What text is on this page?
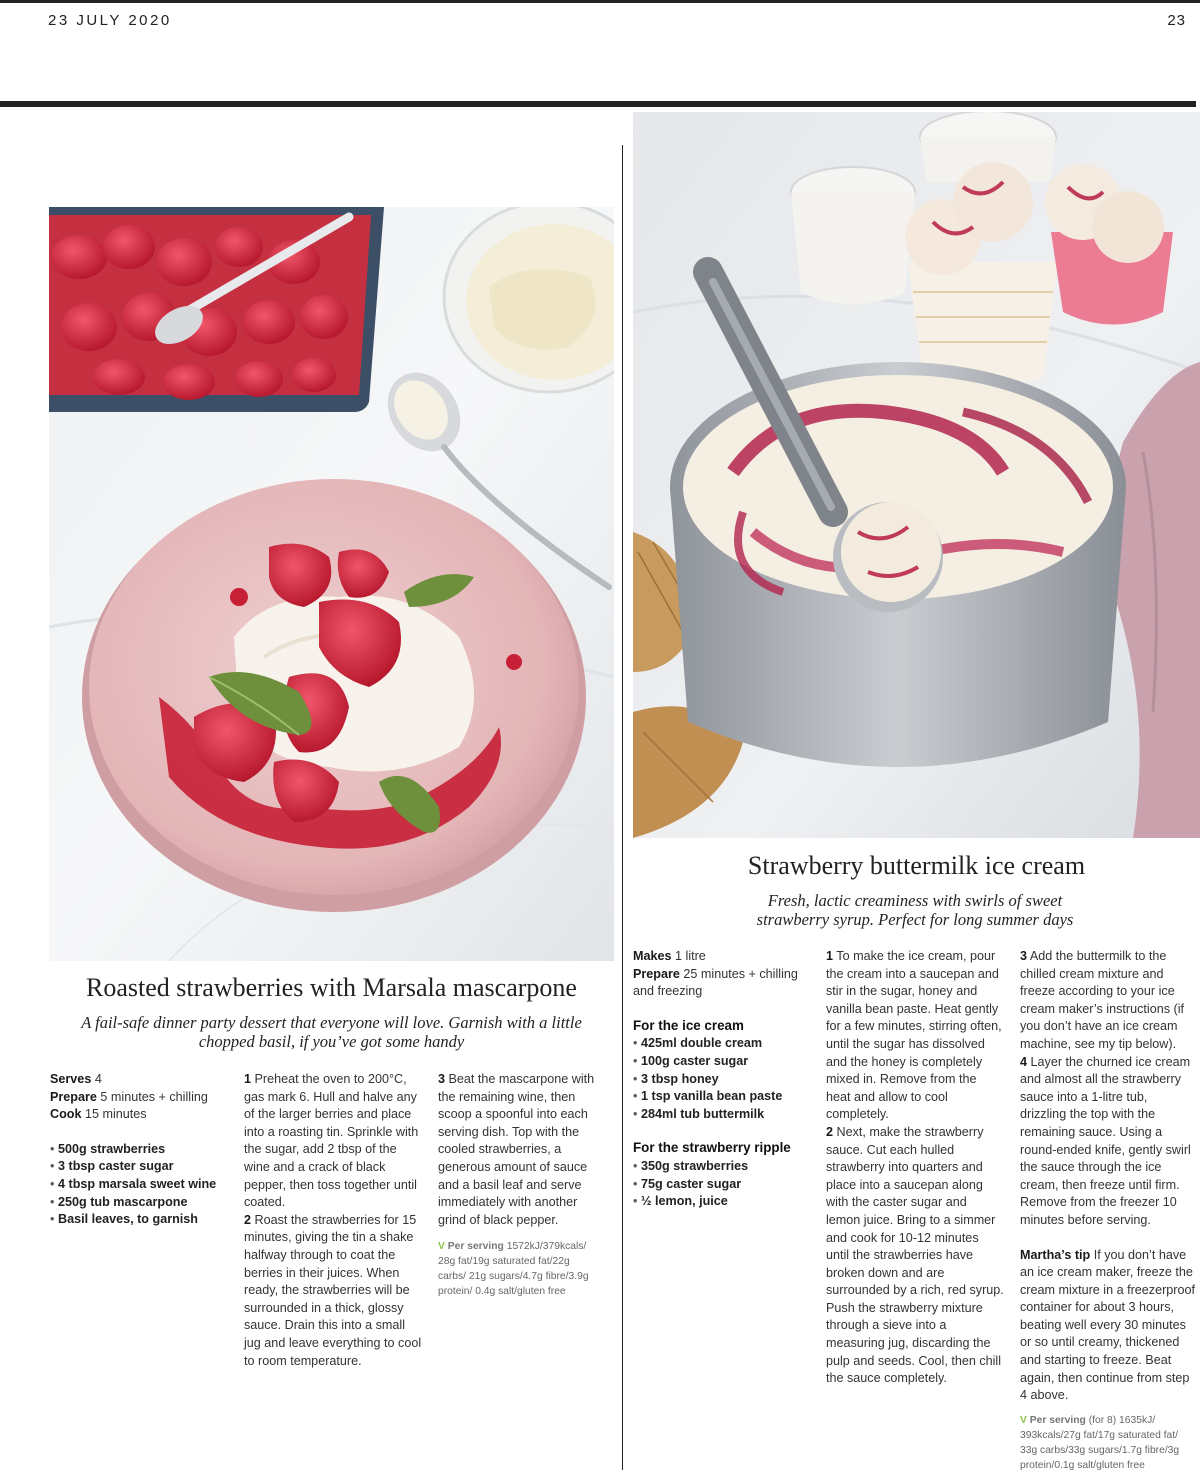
23 JULY 2020	23
Roasted strawberries with Marsala mascarpone
A fail-safe dinner party dessert that everyone will love. Garnish with a little chopped basil, if you’ve got some handy

Serves 4

Prepare 5 minutes + chilling

Cook 15 minutes

• 500g strawberries
• 3 tbsp caster sugar
• 4 tbsp marsala sweet wine
• 250g tub mascarpone
• Basil leaves, to garnish

1 Preheat the oven to 200°C, gas mark 6. Hull and halve any of the larger berries and place into a roasting tin. Sprinkle with the sugar, add 2 tbsp of the wine and a crack of black pepper, then toss together until coated.

2 Roast the strawberries for 15 minutes, giving the tin a shake halfway through to coat the berries in their juices. When ready, the strawberries will be surrounded in a thick, glossy sauce. Drain this into a small jug and leave everything to cool to room temperature.

3 Beat the mascarpone with the remaining wine, then scoop a spoonful into each serving dish. Top with the cooled strawberries, a generous amount of sauce and a basil leaf and serve immediately with another grind of black pepper.

V Per serving 1572kJ/379kcals/ 28g fat/19g saturated fat/22g carbs/ 21g sugars/4.7g fibre/3.9g protein/ 0.4g salt/gluten free
Strawberry buttermilk ice cream
Fresh, lactic creaminess with swirls of sweet strawberry syrup. Perfect for long summer days

Makes 1 litre

Prepare 25 minutes + chilling and freezing

For the ice cream
• 425ml double cream
• 100g caster sugar
• 3 tbsp honey
• 1 tsp vanilla bean paste
• 284ml tub buttermilk
For the strawberry ripple
• 350g strawberries
• 75g caster sugar
• ½ lemon, juice

1 To make the ice cream, pour the cream into a saucepan and stir in the sugar, honey and vanilla bean paste. Heat gently for a few minutes, stirring often, until the sugar has dissolved and the honey is completely mixed in. Remove from the heat and allow to cool completely.

2 Next, make the strawberry sauce. Cut each hulled strawberry into quarters and place into a saucepan along with the caster sugar and lemon juice. Bring to a simmer and cook for 10-12 minutes until the strawberries have broken down and are surrounded by a rich, red syrup. Push the strawberry mixture through a sieve into a measuring jug, discarding the pulp and seeds. Cool, then chill the sauce completely.

3 Add the buttermilk to the chilled cream mixture and freeze according to your ice cream maker’s instructions (if you don’t have an ice cream machine, see my tip below).

4 Layer the churned ice cream and almost all the strawberry sauce into a 1-litre tub, drizzling the top with the remaining sauce. Using a round-ended knife, gently swirl the sauce through the ice cream, then freeze until firm. Remove from the freezer 10 minutes before serving.

Martha’s tip If you don’t have an ice cream maker, freeze the cream mixture in a freezerproof container for about 3 hours, beating well every 30 minutes or so until creamy, thickened and starting to freeze. Beat again, then continue from step 4 above.

V Per serving (for 8) 1635kJ/ 393kcals/27g fat/17g saturated fat/ 33g carbs/33g sugars/1.7g fibre/3g protein/0.1g salt/gluten free
